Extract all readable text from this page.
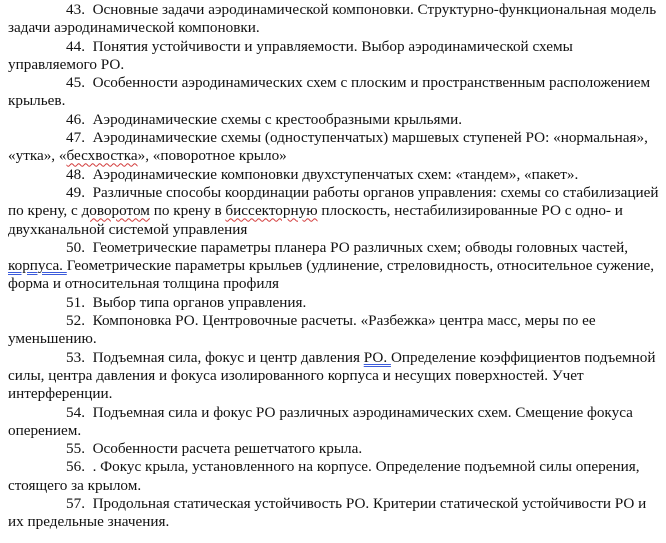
43. Основные задачи аэродинамической компоновки. Структурно-функциональная модель задачи аэродинамической компоновки.

44. Понятия устойчивости и управляемости. Выбор аэродинамической схемы управляемого РО.

45.  Особенности аэродинамических схем с плоским и пространственным расположением крыльев.

46. Аэродинамические схемы с крестообразными крыльями.

47. Аэродинамические схемы (одноступенчатых) маршевых ступеней РО: «нормальная», «утка», «бесхвостка», «поворотное крыло»

48. Аэродинамические компоновки двухступенчатых схем: «тандем», «пакет».

49. Различные способы координации работы органов управления: схемы со стабилизацией по крену, с доворотом по крену в биссекторную плоскость, нестабилизированные РО с одно- и двухканальной системой управления

50. Геометрические параметры планера РО различных схем; обводы головных частей, корпуса. Геометрические параметры крыльев (удлинение, стреловидность, относительное сужение, форма и относительная толщина профиля

51. Выбор типа органов управления.

52. Компоновка РО. Центровочные расчеты. «Разбежка» центра масс, меры по ее уменьшению.

53.  Подъемная сила, фокус и центр давления РО. Определение коэффициентов подъемной силы, центра давления и фокуса изолированного корпуса и несущих поверхностей. Учет интерференции.

54. Подъемная сила и фокус РО различных аэродинамических схем. Смещение фокуса оперением.

55. Особенности расчета решетчатого крыла.

56. . Фокус крыла, установленного на корпусе. Определение подъемной силы оперения, стоящего за крылом.

57. Продольная статическая устойчивость РО. Критерии статической устойчивости РО и их предельные значения.
